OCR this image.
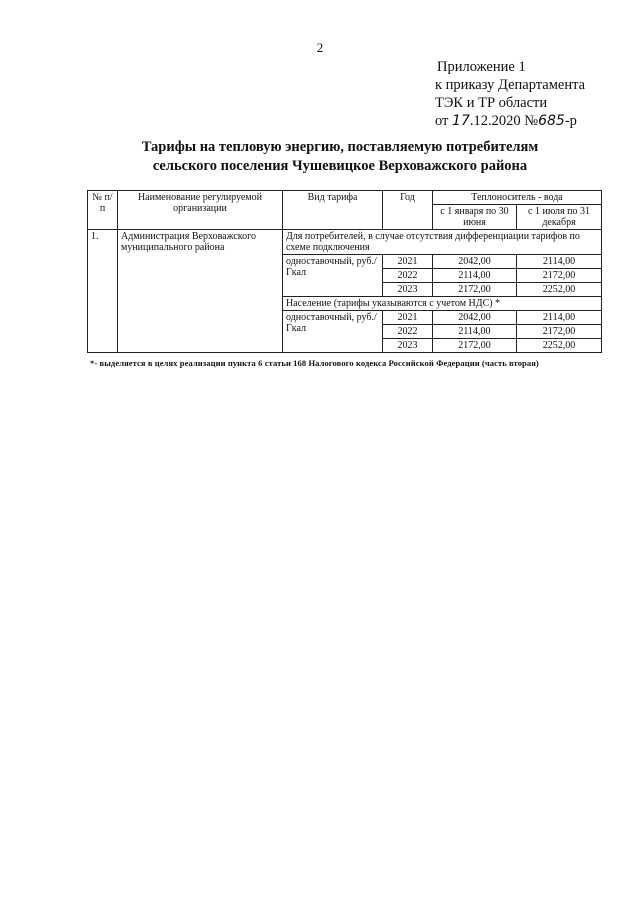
2
Приложение 1
к приказу Департамента
ТЭК и ТР области
от 17.12.2020 №685-р
Тарифы на тепловую энергию, поставляемую потребителям
сельского поселения Чушевицкое Верховажского района
№ п/п	Наименование регулируемой организации	Вид тарифа	Год	Теплоноситель - вода	
				с 1 января по 30 июня	с 1 июля по 31 декабря
1.	Администрация Верховажского муниципального района	Для потребителей, в случае отсутствия дифференциации тарифов по схеме подключения			
		одноставочный, руб./Гкал	2021	2042,00	2114,00
			2022	2114,00	2172,00
			2023	2172,00	2252,00
		Население (тарифы указываются с учетом НДС) *			
		одноставочный, руб./Гкал	2021	2042,00	2114,00
			2022	2114,00	2172,00
			2023	2172,00	2252,00
*- выделяется в целях реализации пункта 6 статьи 168 Налогового кодекса Российской Федерации (часть вторая)
